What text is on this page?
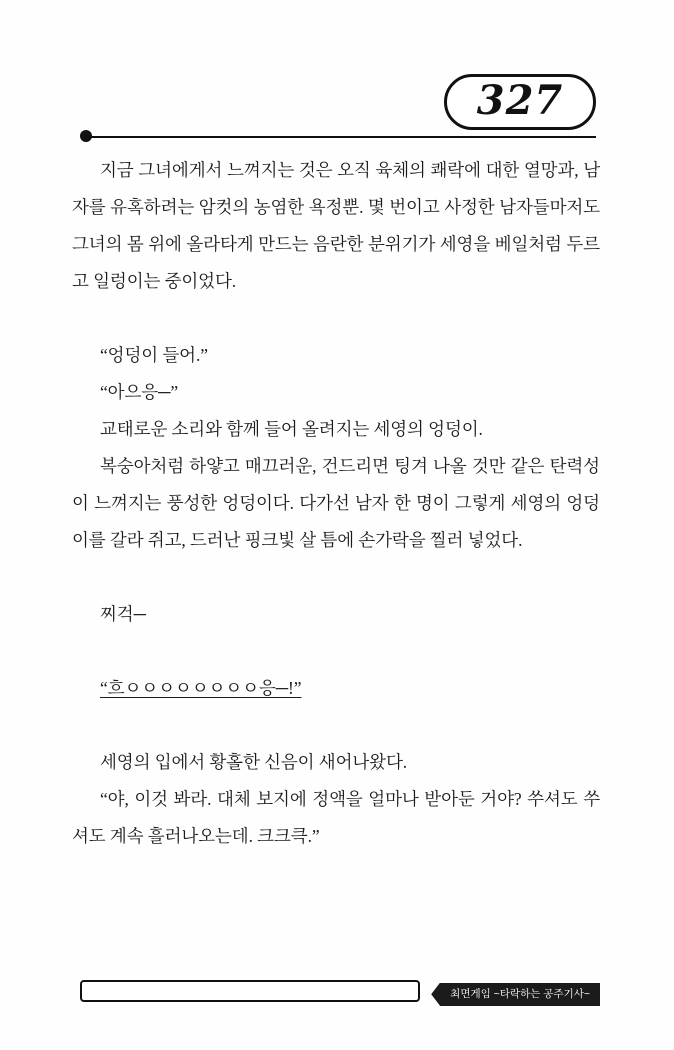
327

지금 그녀에게서 느껴지는 것은 오직 육체의 쾌락에 대한 열망과, 남자를 유혹하려는 암컷의 농염한 욕정뿐. 몇 번이고 사정한 남자들마저도 그녀의 몸 위에 올라타게 만드는 음란한 분위기가 세영을 베일처럼 두르고 일렁이는 중이었다.

“엉덩이 들어.”

“아으응─”

교태로운 소리와 함께 들어 올려지는 세영의 엉덩이.

복숭아처럼 하얗고 매끄러운, 건드리면 팅겨 나올 것만 같은 탄력성이 느껴지는 풍성한 엉덩이다. 다가선 남자 한 명이 그렇게 세영의 엉덩이를 갈라 쥐고, 드러난 핑크빛 살 틈에 손가락을 찔러 넣었다.

찌걱─

“흐ㅇㅇㅇㅇㅇㅇㅇㅇ응─!”

세영의 입에서 황홀한 신음이 새어나왔다.

“야, 이것 봐라. 대체 보지에 정액을 얼마나 받아둔 거야? 쑤셔도 쑤셔도 계속 흘러나오는데. 크크큭.”

최면게임 ~타락하는 공주기사~
